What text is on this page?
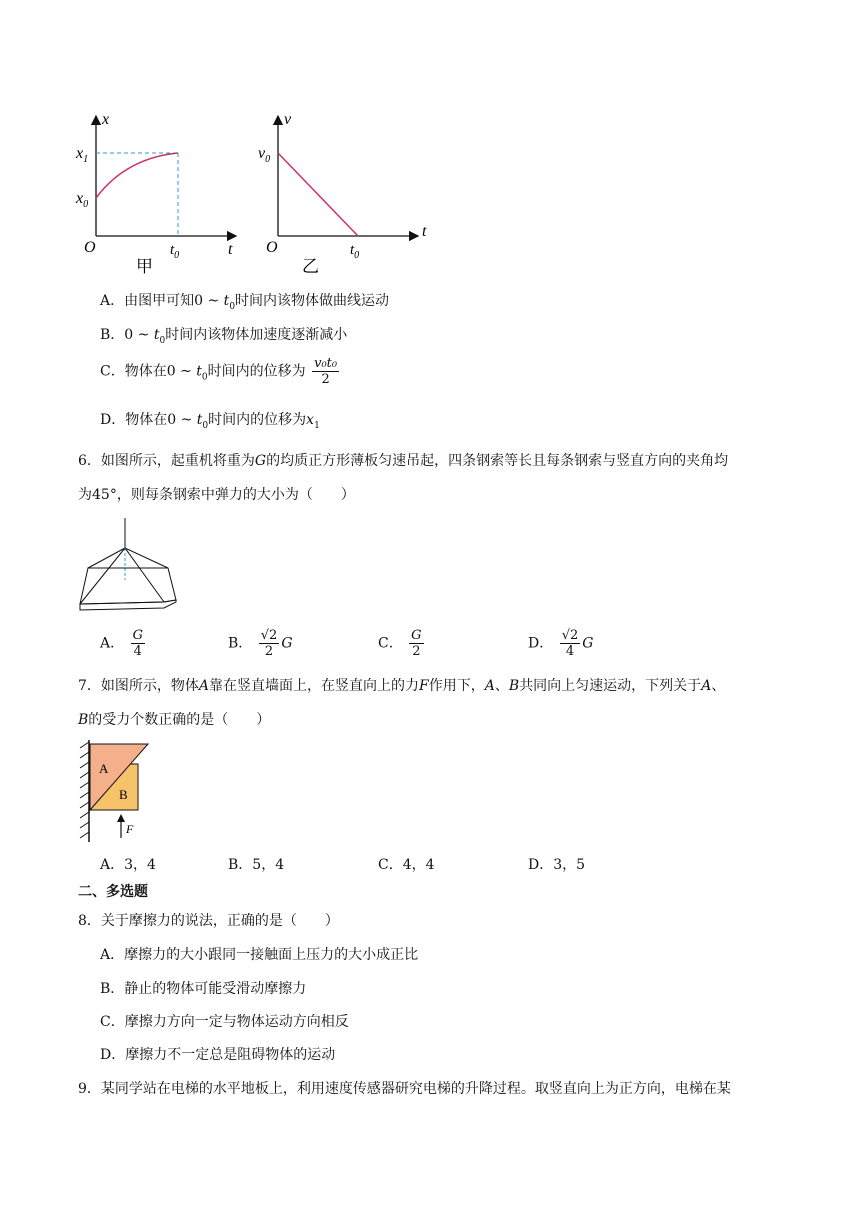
x
t
O
$x_1$
$x_0$
$t_0$
甲
v
t
O
$v_0$
$t_0$
乙
A．由图甲可知0 ~ $t_0$时间内该物体做曲线运动
B．0 ~ $t_0$时间内该物体加速度逐渐减小
C．物体在0 ~ $t_0$时间内的位移为 $\frac{\text{v₀t₀}}{2}$
D．物体在0 ~ $t_0$时间内的位移为$x_1$
6．如图所示，起重机将重为G的均质正方形薄板匀速吊起，四条钢索等长且每条钢索与竖直方向的夹角均
为45°，则每条钢索中弹力的大小为（　　）
A． $\frac{G}{4}$	B． $\frac{√2}{2}$ G	C． $\frac{G}{2}$	D． $\frac{√2}{4}$ G
7．如图所示，物体A靠在竖直墙面上，在竖直向上的力F作用下，A、B共同向上匀速运动，下列关于A、
B的受力个数正确的是（　　）
A
B
F
A．3，4	B．5，4	C．4，4	D．3，5
二、多选题
8．关于摩擦力的说法，正确的是（　　）
A．摩擦力的大小跟同一接触面上压力的大小成正比
B．静止的物体可能受滑动摩擦力
C．摩擦力方向一定与物体运动方向相反
D．摩擦力不一定总是阻碍物体的运动
9．某同学站在电梯的水平地板上，利用速度传感器研究电梯的升降过程。取竖直向上为正方向，电梯在某
